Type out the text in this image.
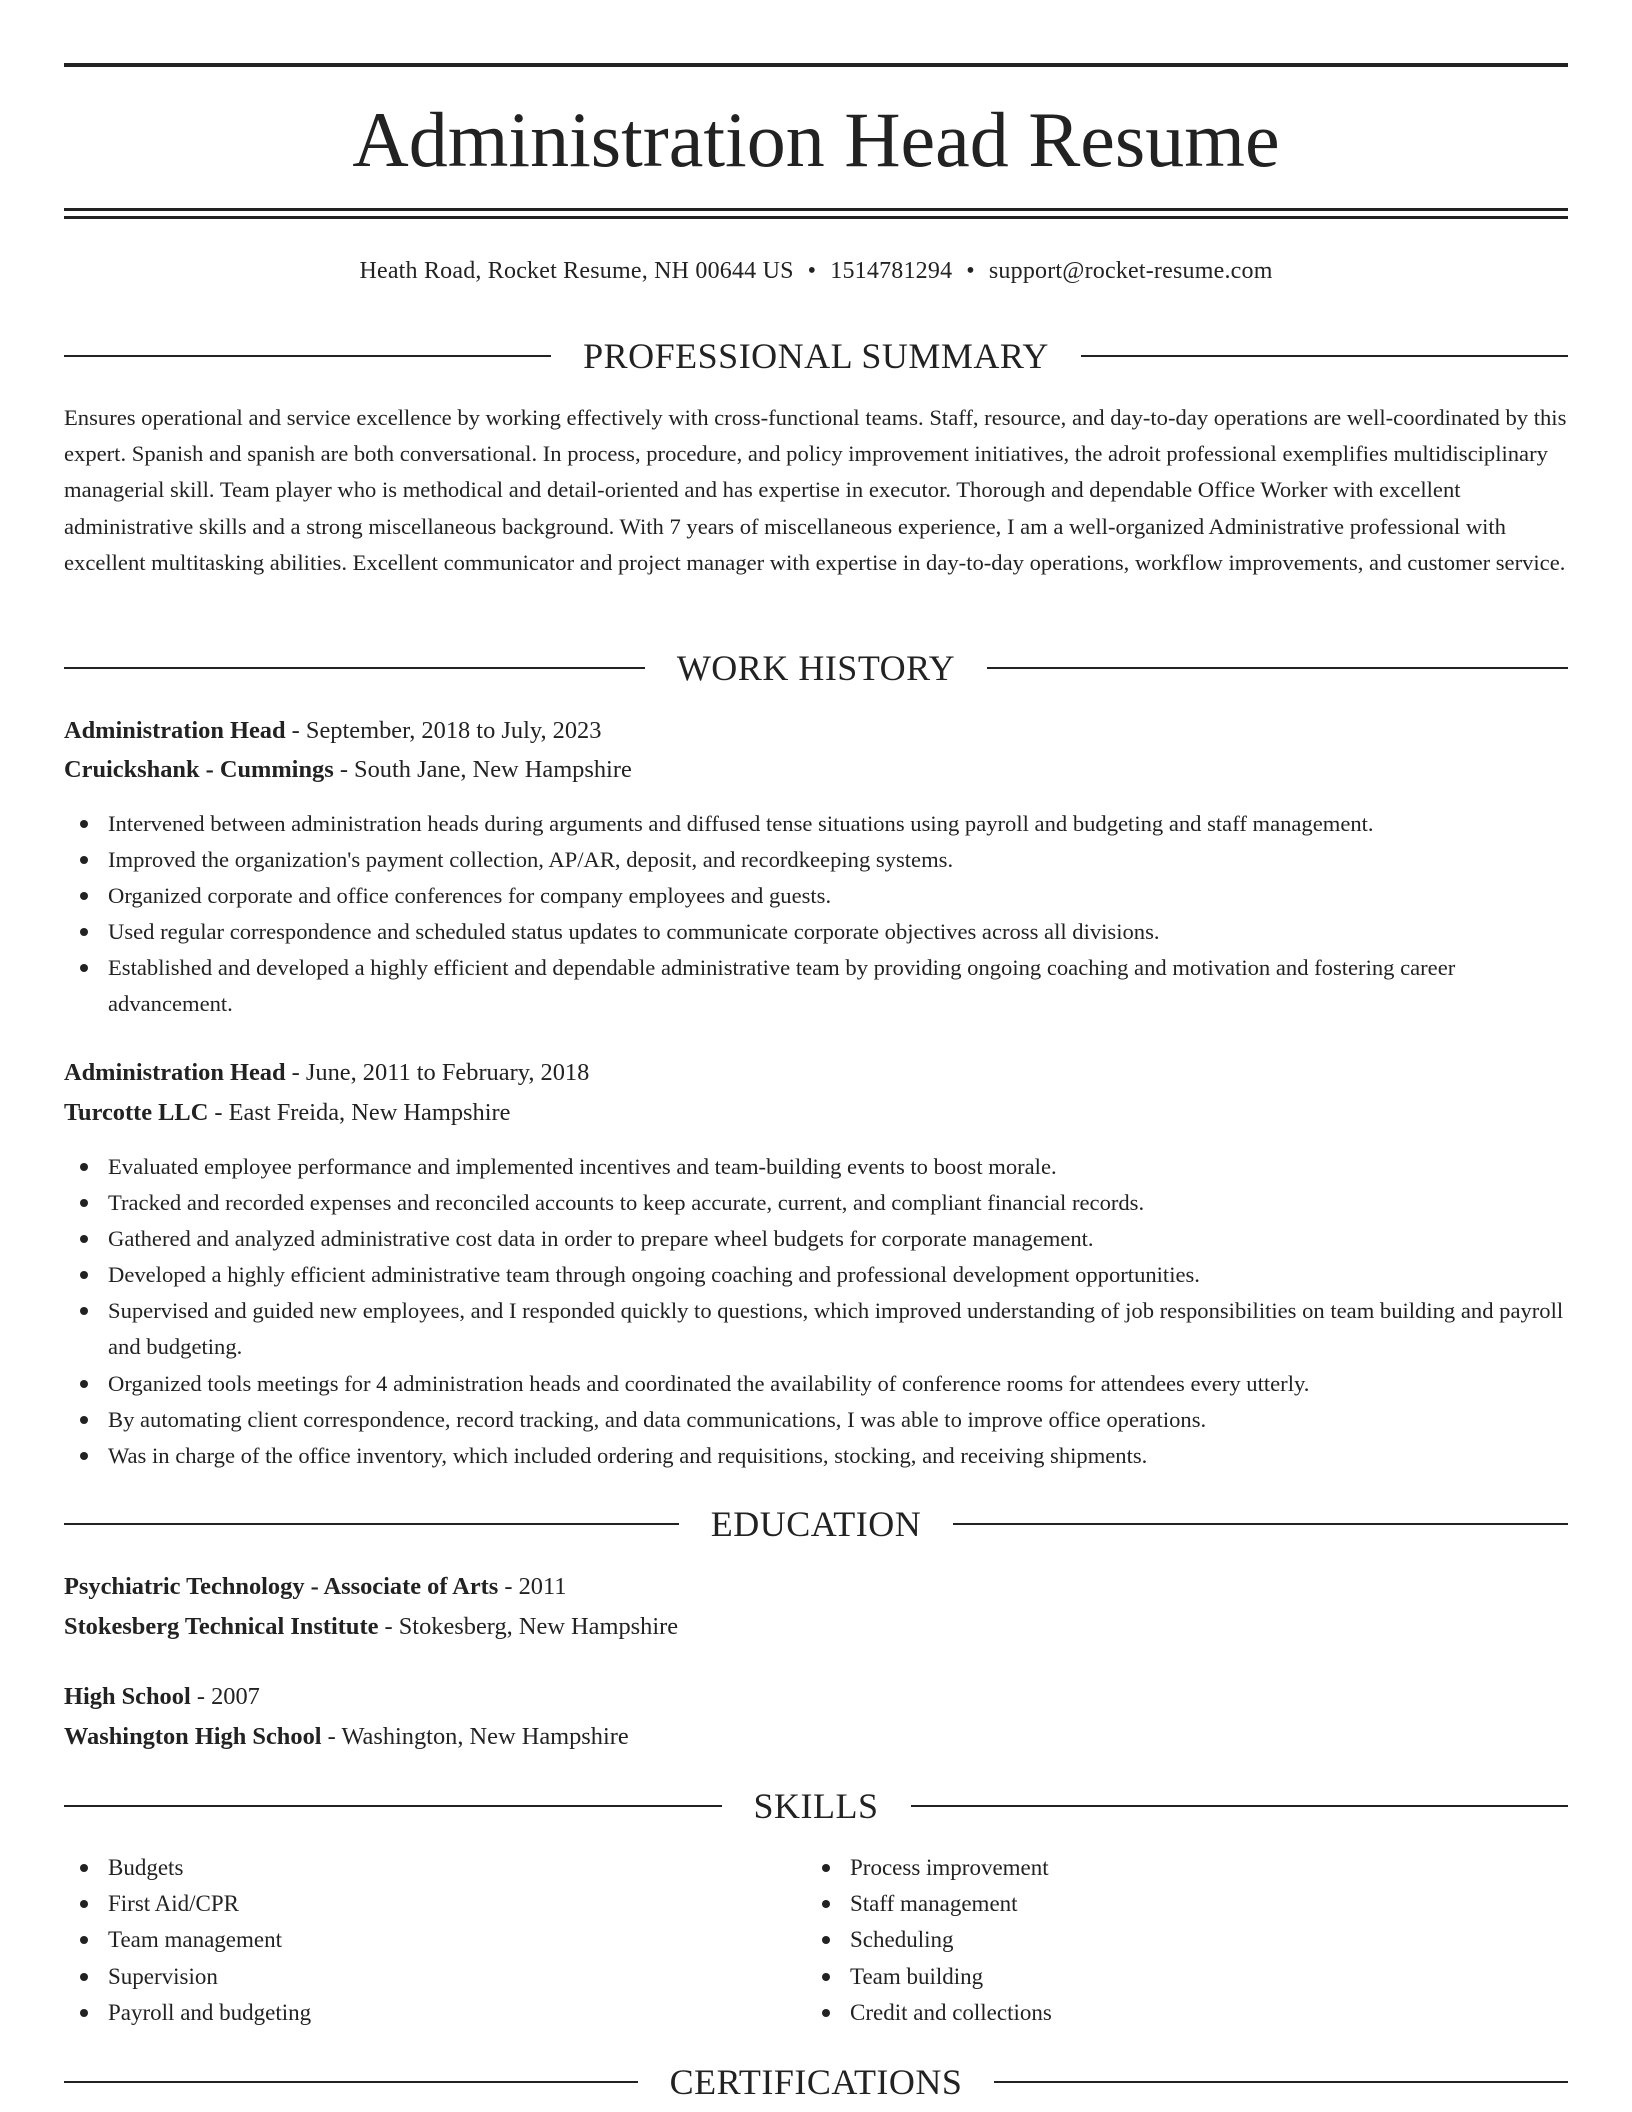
Administration Head Resume
Heath Road, Rocket Resume, NH 00644 US • 1514781294 • support@rocket-resume.com
PROFESSIONAL SUMMARY

Ensures operational and service excellence by working effectively with cross-functional teams. Staff, resource, and day-to-day operations are well-coordinated by this expert. Spanish and spanish are both conversational. In process, procedure, and policy improvement initiatives, the adroit professional exemplifies multidisciplinary managerial skill. Team player who is methodical and detail-oriented and has expertise in executor. Thorough and dependable Office Worker with excellent administrative skills and a strong miscellaneous background. With 7 years of miscellaneous experience, I am a well-organized Administrative professional with excellent multitasking abilities. Excellent communicator and project manager with expertise in day-to-day operations, workflow improvements, and customer service.

WORK HISTORY
Administration Head - September, 2018 to July, 2023
Cruickshank - Cummings - South Jane, New Hampshire
Intervened between administration heads during arguments and diffused tense situations using payroll and budgeting and staff management.
Improved the organization's payment collection, AP/AR, deposit, and recordkeeping systems.
Organized corporate and office conferences for company employees and guests.
Used regular correspondence and scheduled status updates to communicate corporate objectives across all divisions.
Established and developed a highly efficient and dependable administrative team by providing ongoing coaching and motivation and fostering career advancement.
Administration Head - June, 2011 to February, 2018
Turcotte LLC - East Freida, New Hampshire
Evaluated employee performance and implemented incentives and team-building events to boost morale.
Tracked and recorded expenses and reconciled accounts to keep accurate, current, and compliant financial records.
Gathered and analyzed administrative cost data in order to prepare wheel budgets for corporate management.
Developed a highly efficient administrative team through ongoing coaching and professional development opportunities.
Supervised and guided new employees, and I responded quickly to questions, which improved understanding of job responsibilities on team building and payroll and budgeting.
Organized tools meetings for 4 administration heads and coordinated the availability of conference rooms for attendees every utterly.
By automating client correspondence, record tracking, and data communications, I was able to improve office operations.
Was in charge of the office inventory, which included ordering and requisitions, stocking, and receiving shipments.
EDUCATION
Psychiatric Technology - Associate of Arts - 2011
Stokesberg Technical Institute - Stokesberg, New Hampshire
High School - 2007
Washington High School - Washington, New Hampshire
SKILLS
Budgets
First Aid/CPR
Team management
Supervision
Payroll and budgeting
Process improvement
Staff management
Scheduling
Team building
Credit and collections
CERTIFICATIONS
